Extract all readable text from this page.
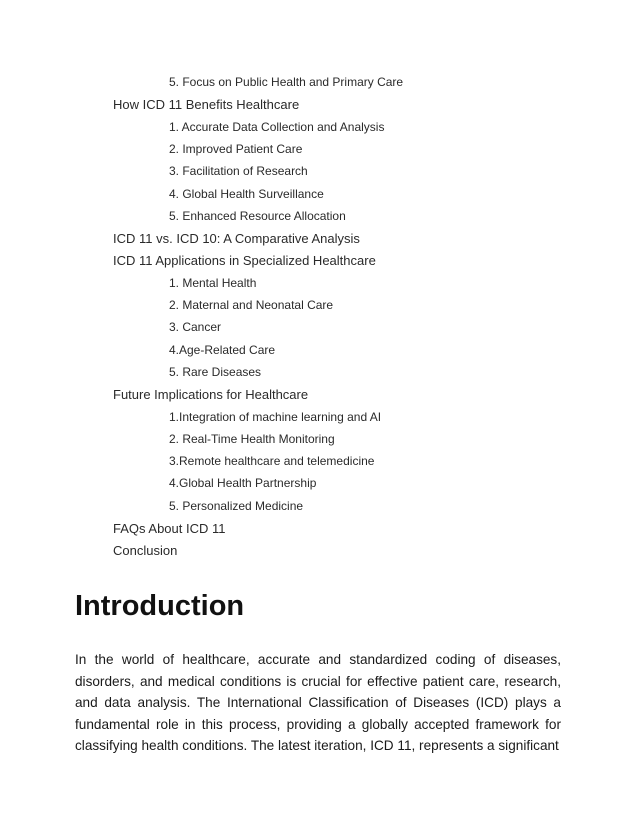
5. Focus on Public Health and Primary Care
How ICD 11 Benefits Healthcare
1. Accurate Data Collection and Analysis
2. Improved Patient Care
3. Facilitation of Research
4. Global Health Surveillance
5. Enhanced Resource Allocation
ICD 11 vs. ICD 10: A Comparative Analysis
ICD 11 Applications in Specialized Healthcare
1. Mental Health
2. Maternal and Neonatal Care
3. Cancer
4.Age-Related Care
5. Rare Diseases
Future Implications for Healthcare
1.Integration of machine learning and AI
2. Real-Time Health Monitoring
3.Remote healthcare and telemedicine
4.Global Health Partnership
5. Personalized Medicine
FAQs About ICD 11
Conclusion
Introduction

In the world of healthcare, accurate and standardized coding of diseases, disorders, and medical conditions is crucial for effective patient care, research, and data analysis. The International Classification of Diseases (ICD) plays a fundamental role in this process, providing a globally accepted framework for classifying health conditions. The latest iteration, ICD 11, represents a significant
